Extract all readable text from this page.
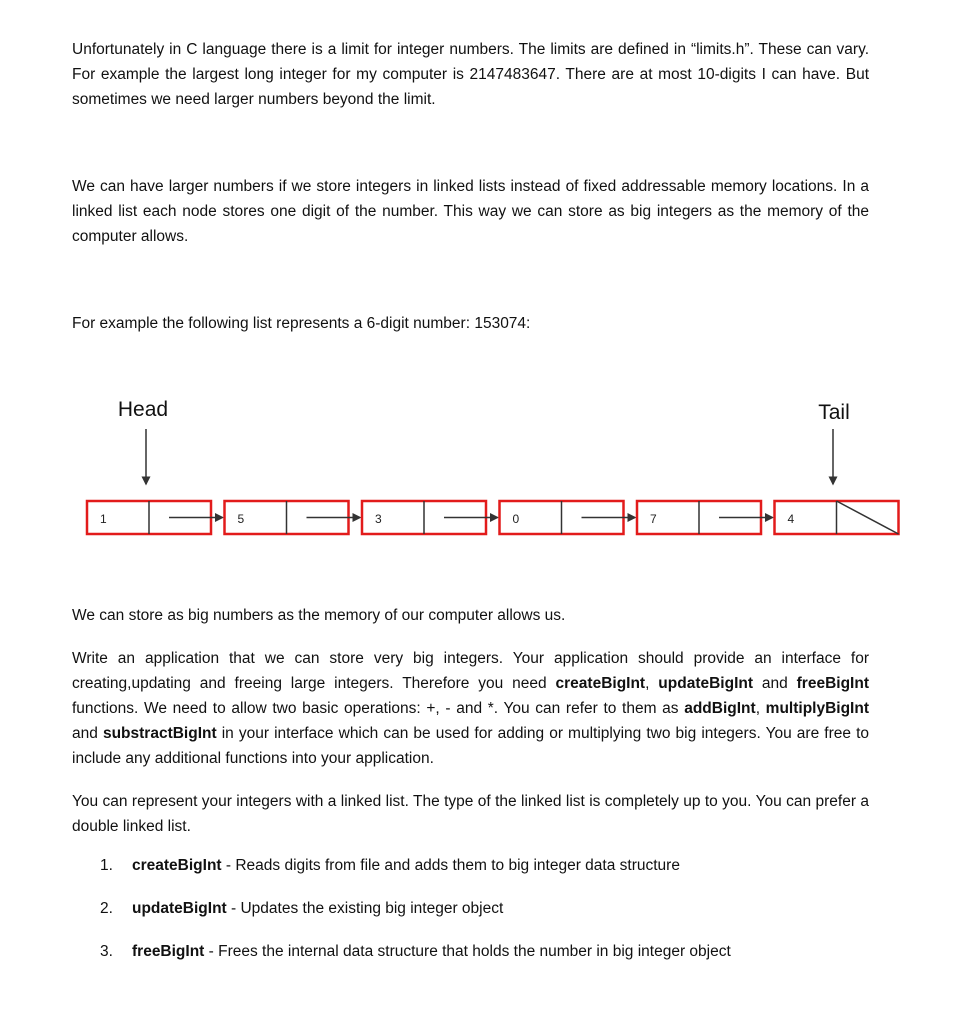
Unfortunately in C language there is a limit for integer numbers. The limits are defined in “limits.h”. These can vary. For example the largest long integer for my computer is 2147483647. There are at most 10-digits I can have. But sometimes we need larger numbers beyond the limit.

We can have larger numbers if we store integers in linked lists instead of fixed addressable memory locations. In a linked list each node stores one digit of the number. This way we can store as big integers as the memory of the computer allows.

For example the following list represents a 6-digit number: 153074:

Head	Tail
1	5	3	0	7	4

We can store as big numbers as the memory of our computer allows us.

Write an application that we can store very big integers. Your application should provide an interface for creating,updating and freeing large integers. Therefore you need createBigInt, updateBigInt and freeBigInt functions. We need to allow two basic operations: +, - and *. You can refer to them as addBigInt, multiplyBigInt and substractBigInt in your interface which can be used for adding or multiplying two big integers. You are free to include any additional functions into your application.

You can represent your integers with a linked list. The type of the linked list is completely up to you. You can prefer a double linked list.

1. createBigInt - Reads digits from file and adds them to big integer data structure
2. updateBigInt - Updates the existing big integer object
3. freeBigInt - Frees the internal data structure that holds the number in big integer object
